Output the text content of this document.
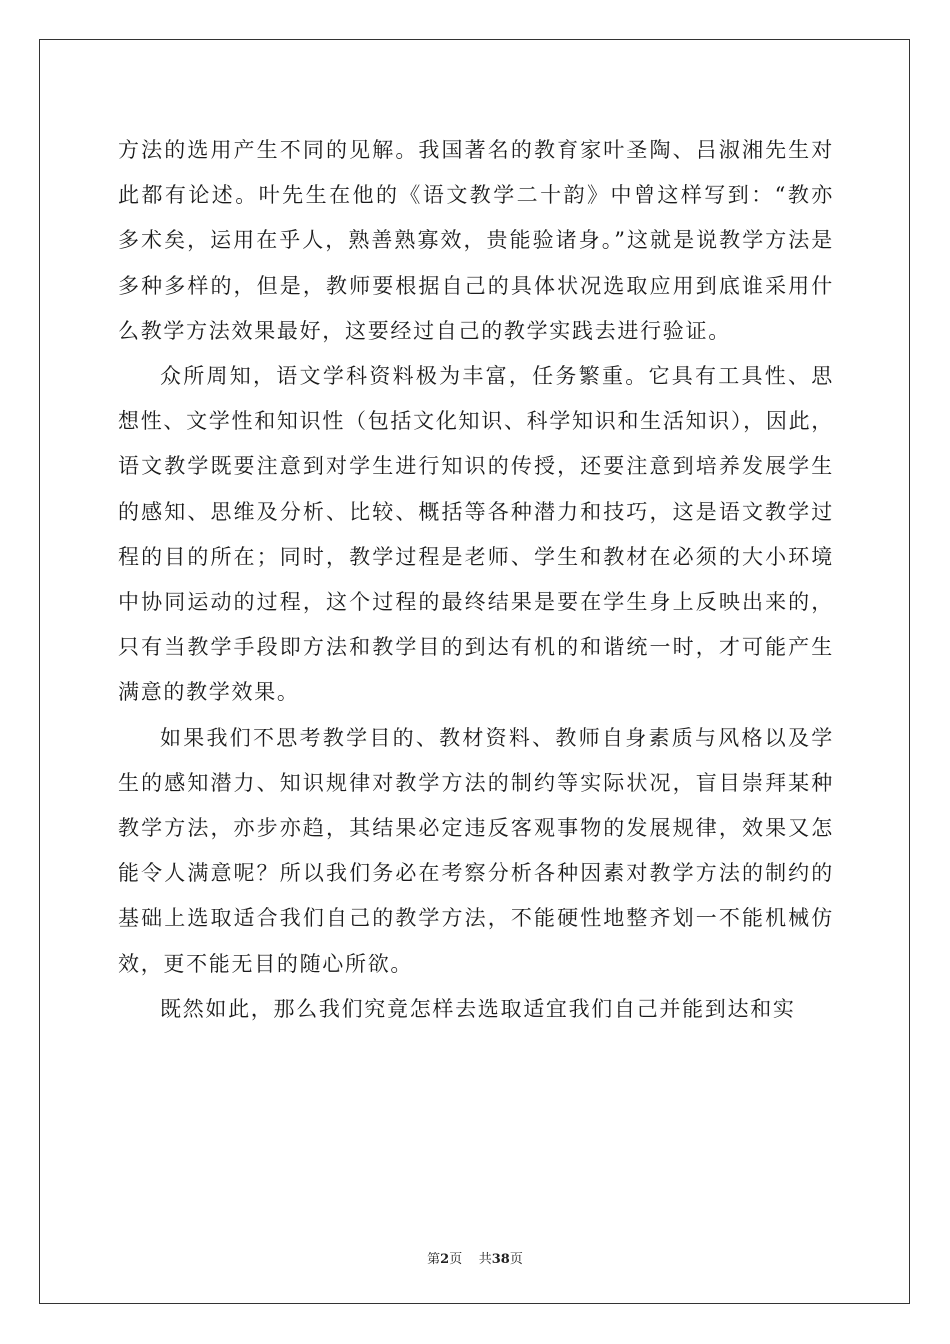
方法的选用产生不同的见解。我国著名的教育家叶圣陶、吕淑湘先生对此都有论述。叶先生在他的《语文教学二十韵》中曾这样写到：“教亦多术矣，运用在乎人，熟善熟寡效，贵能验诸身。”这就是说教学方法是多种多样的，但是，教师要根据自己的具体状况选取应用到底谁采用什么教学方法效果最好，这要经过自己的教学实践去进行验证。

众所周知，语文学科资料极为丰富，任务繁重。它具有工具性、思想性、文学性和知识性（包括文化知识、科学知识和生活知识），因此，语文教学既要注意到对学生进行知识的传授，还要注意到培养发展学生的感知、思维及分析、比较、概括等各种潜力和技巧，这是语文教学过程的目的所在；同时，教学过程是老师、学生和教材在必须的大小环境中协同运动的过程，这个过程的最终结果是要在学生身上反映出来的，只有当教学手段即方法和教学目的到达有机的和谐统一时，才可能产生满意的教学效果。

如果我们不思考教学目的、教材资料、教师自身素质与风格以及学生的感知潜力、知识规律对教学方法的制约等实际状况，盲目崇拜某种教学方法，亦步亦趋，其结果必定违反客观事物的发展规律，效果又怎能令人满意呢？所以我们务必在考察分析各种因素对教学方法的制约的基础上选取适合我们自己的教学方法，不能硬性地整齐划一不能机械仿效，更不能无目的随心所欲。

既然如此，那么我们究竟怎样去选取适宜我们自己并能到达和实

第2页 共38页
